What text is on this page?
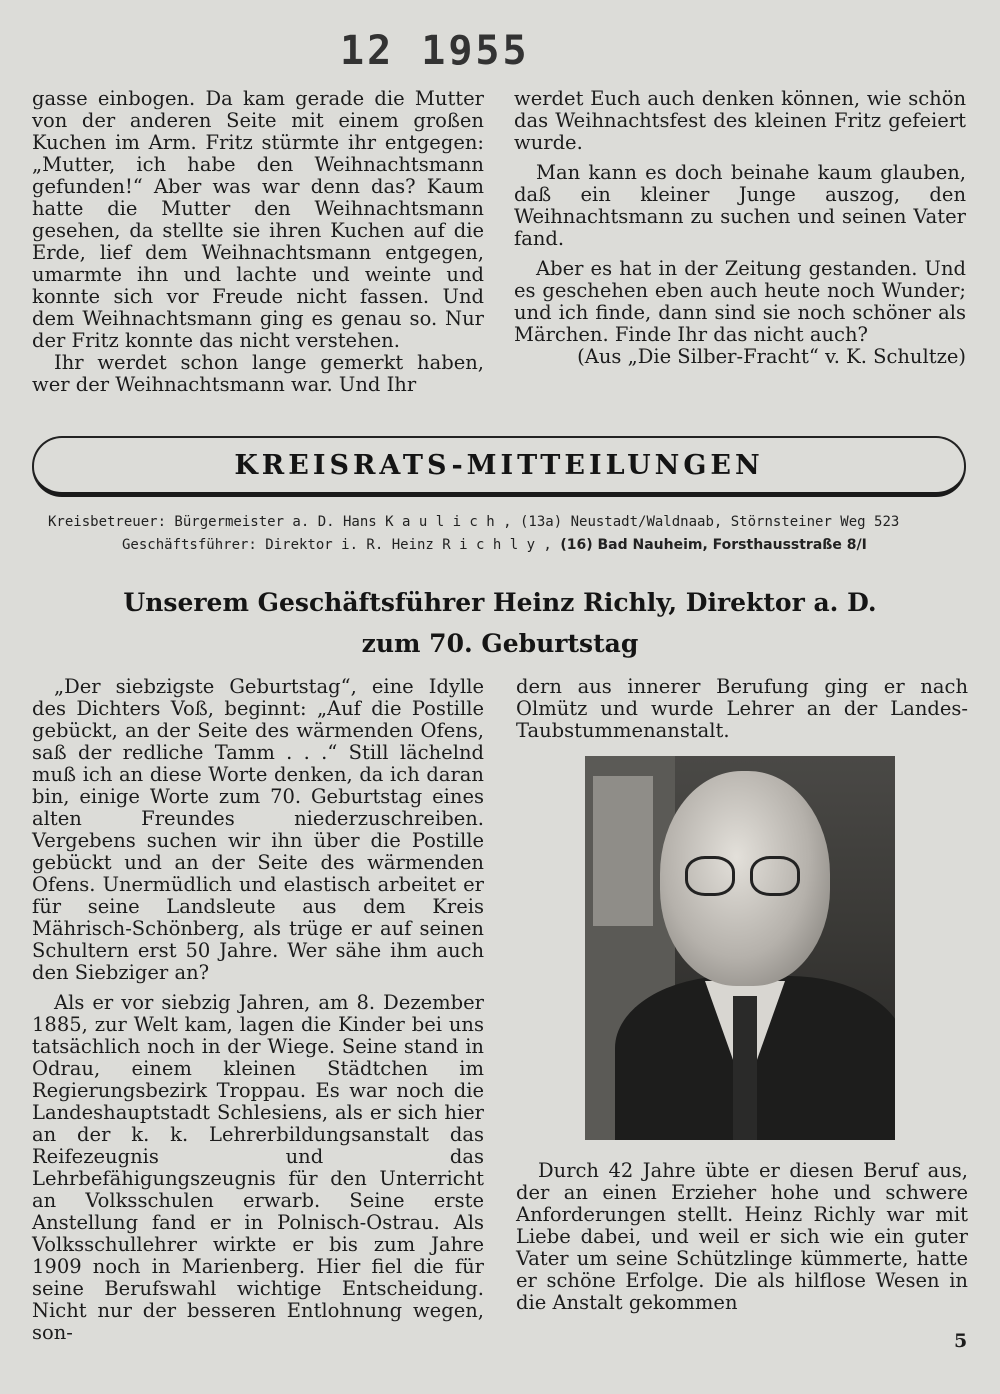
12 1955

gasse einbogen. Da kam gerade die Mutter von der anderen Seite mit einem großen Kuchen im Arm. Fritz stürmte ihr entgegen: „Mutter, ich habe den Weihnachtsmann gefunden!“ Aber was war denn das? Kaum hatte die Mutter den Weihnachtsmann gesehen, da stellte sie ihren Kuchen auf die Erde, lief dem Weihnachtsmann entgegen, umarmte ihn und lachte und weinte und konnte sich vor Freude nicht fassen. Und dem Weihnachtsmann ging es genau so. Nur der Fritz konnte das nicht verstehen.

Ihr werdet schon lange gemerkt haben, wer der Weihnachtsmann war. Und Ihr

werdet Euch auch denken können, wie schön das Weihnachtsfest des kleinen Fritz gefeiert wurde.

Man kann es doch beinahe kaum glauben, daß ein kleiner Junge auszog, den Weihnachtsmann zu suchen und seinen Vater fand.

Aber es hat in der Zeitung gestanden. Und es geschehen eben auch heute noch Wunder; und ich finde, dann sind sie noch schöner als Märchen. Finde Ihr das nicht auch?

(Aus „Die Silber-Fracht“ v. K. Schultze)

KREISRATS-MITTEILUNGEN
Kreisbetreuer: Bürgermeister a. D. Hans K a u l i c h , (13a) Neustadt/Waldnaab, Störnsteiner Weg 523
Geschäftsführer: Direktor i. R. Heinz R i c h l y , (16) Bad Nauheim, Forsthausstraße 8/I
Unserem Geschäftsführer Heinz Richly, Direktor a. D.
zum 70. Geburtstag

„Der siebzigste Geburtstag“, eine Idylle des Dichters Voß, beginnt: „Auf die Postille gebückt, an der Seite des wärmenden Ofens, saß der redliche Tamm . . .“ Still lächelnd muß ich an diese Worte denken, da ich daran bin, einige Worte zum 70. Geburtstag eines alten Freundes niederzuschreiben. Vergebens suchen wir ihn über die Postille gebückt und an der Seite des wärmenden Ofens. Unermüdlich und elastisch arbeitet er für seine Landsleute aus dem Kreis Mährisch-Schönberg, als trüge er auf seinen Schultern erst 50 Jahre. Wer sähe ihm auch den Siebziger an?

Als er vor siebzig Jahren, am 8. Dezember 1885, zur Welt kam, lagen die Kinder bei uns tatsächlich noch in der Wiege. Seine stand in Odrau, einem kleinen Städtchen im Regierungsbezirk Troppau. Es war noch die Landeshauptstadt Schlesiens, als er sich hier an der k. k. Lehrerbildungsanstalt das Reifezeugnis und das Lehrbefähigungszeugnis für den Unterricht an Volksschulen erwarb. Seine erste Anstellung fand er in Polnisch-Ostrau. Als Volksschullehrer wirkte er bis zum Jahre 1909 noch in Marienberg. Hier fiel die für seine Berufswahl wichtige Entscheidung. Nicht nur der besseren Entlohnung wegen, son-

dern aus innerer Berufung ging er nach Olmütz und wurde Lehrer an der Landes-Taubstummenanstalt.

Durch 42 Jahre übte er diesen Beruf aus, der an einen Erzieher hohe und schwere Anforderungen stellt. Heinz Richly war mit Liebe dabei, und weil er sich wie ein guter Vater um seine Schützlinge kümmerte, hatte er schöne Erfolge. Die als hilflose Wesen in die Anstalt gekommen

5
